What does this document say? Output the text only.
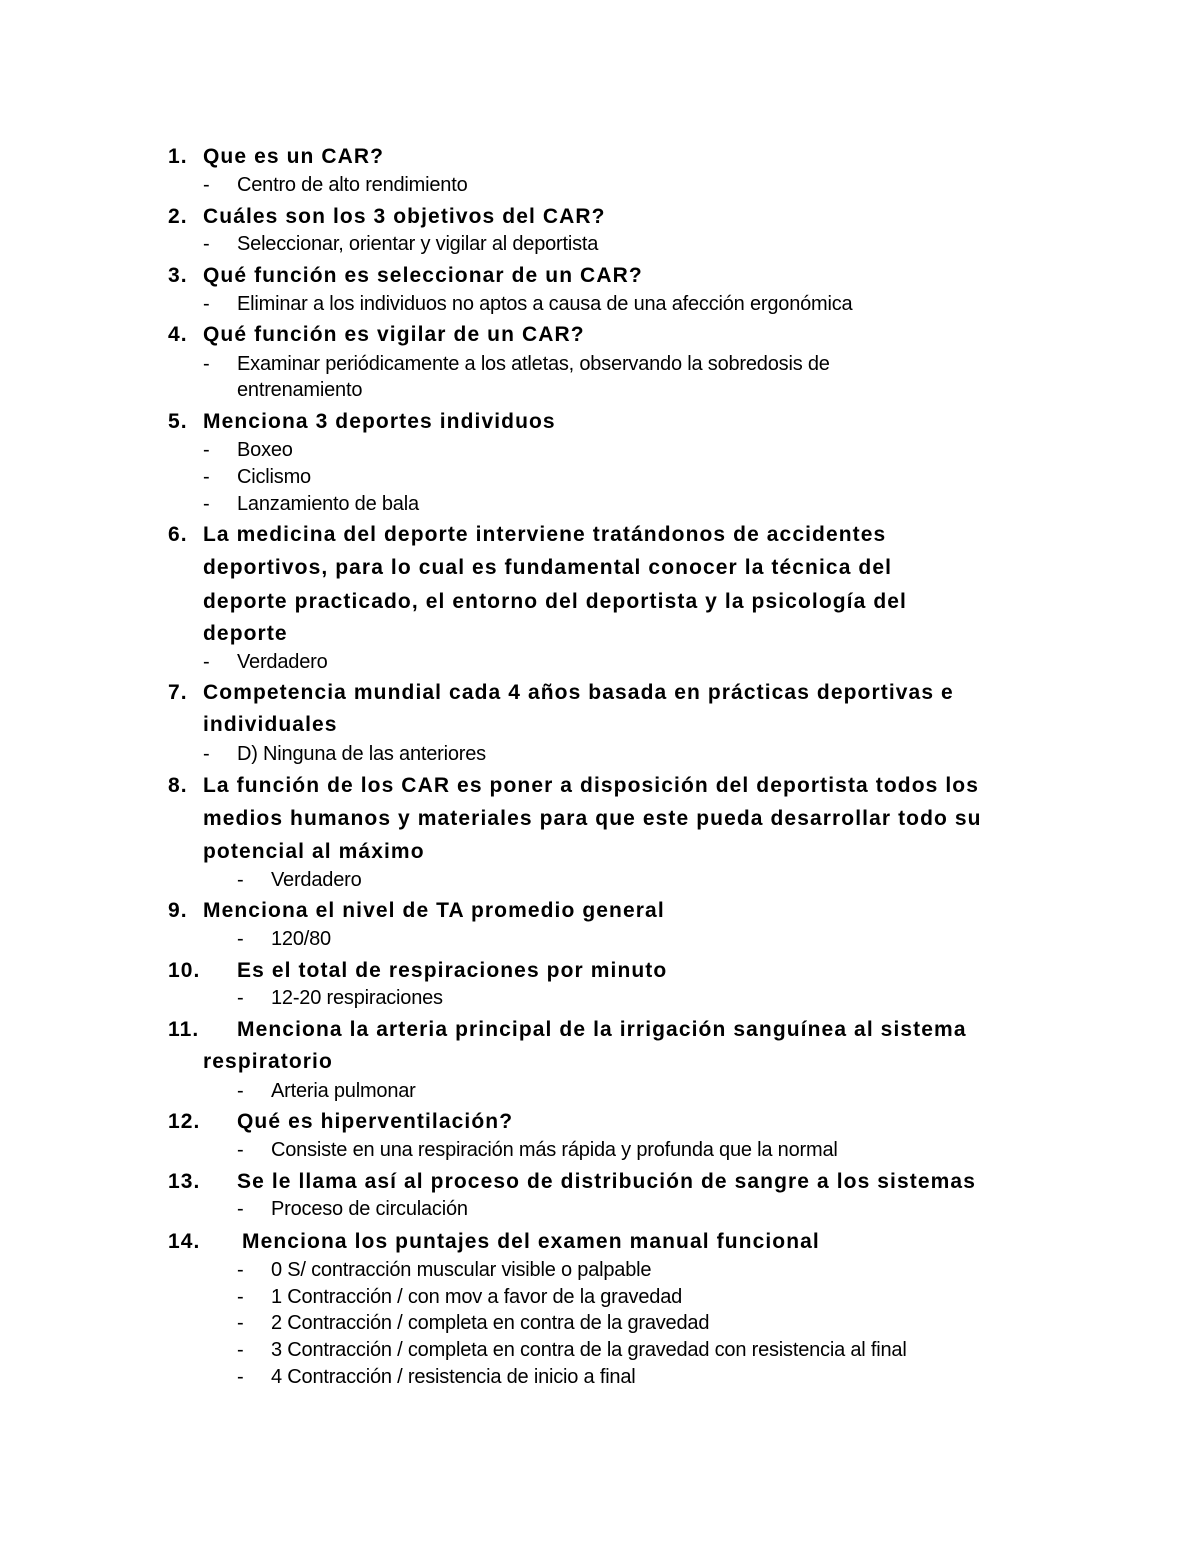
1. Que es un CAR?
- Centro de alto rendimiento
2. Cuáles son los 3 objetivos del CAR?
- Seleccionar, orientar y vigilar al deportista
3. Qué función es seleccionar de un CAR?
- Eliminar a los individuos no aptos a causa de una afección ergonómica
4. Qué función es vigilar de un CAR?
- Examinar periódicamente a los atletas, observando la sobredosis de
entrenamiento
5. Menciona 3 deportes individuos
- Boxeo
- Ciclismo
- Lanzamiento de bala
6. La medicina del deporte interviene tratándonos de accidentes
deportivos, para lo cual es fundamental conocer la técnica del
deporte practicado, el entorno del deportista y la psicología del
deporte
- Verdadero
7. Competencia mundial cada 4 años basada en prácticas deportivas e
individuales
- D) Ninguna de las anteriores
8. La función de los CAR es poner a disposición del deportista todos los
medios humanos y materiales para que este pueda desarrollar todo su
potencial al máximo
- Verdadero
9. Menciona el nivel de TA promedio general
- 120/80
10. Es el total de respiraciones por minuto
- 12-20 respiraciones
11. Menciona la arteria principal de la irrigación sanguínea al sistema
respiratorio
- Arteria pulmonar
12. Qué es hiperventilación?
- Consiste en una respiración más rápida y profunda que la normal
13. Se le llama así al proceso de distribución de sangre a los sistemas
- Proceso de circulación
14. Menciona los puntajes del examen manual funcional
- 0 S/ contracción muscular visible o palpable
- 1 Contracción / con mov a favor de la gravedad
- 2 Contracción / completa en contra de la gravedad
- 3 Contracción / completa en contra de la gravedad con resistencia al final
- 4 Contracción / resistencia de inicio a final
